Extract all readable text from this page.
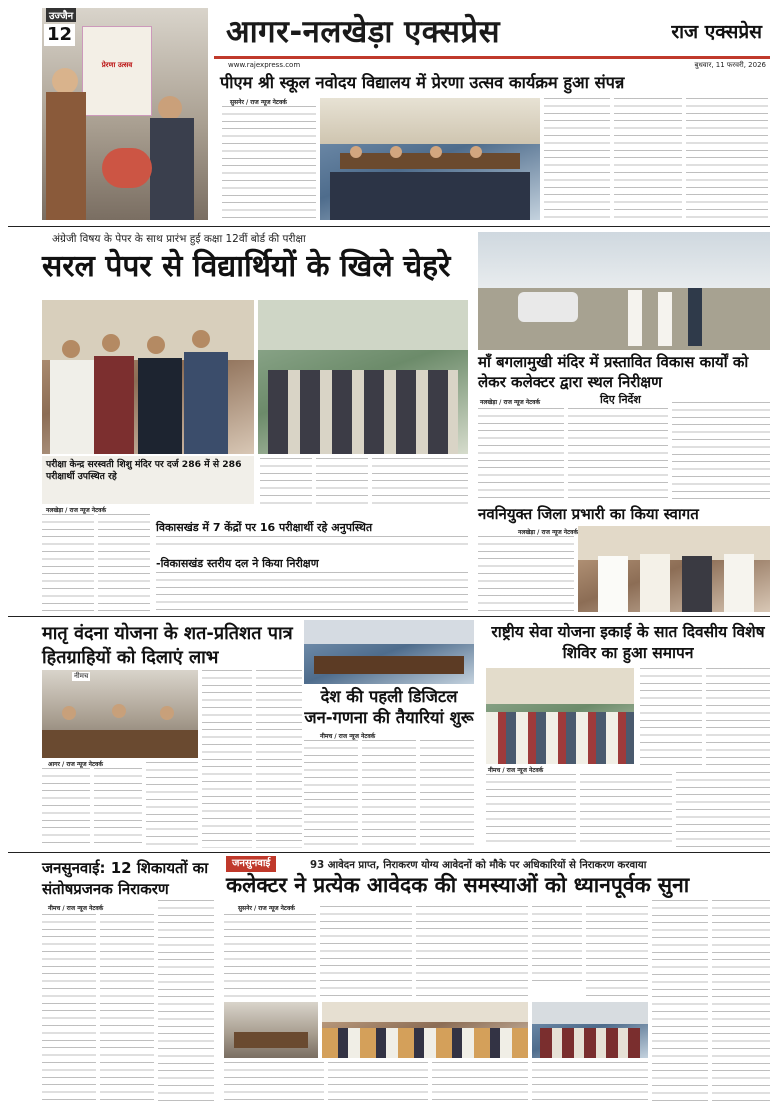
प्रेरणा उत्सव
उज्जैन
12	आगर-नलखेड़ा एक्सप्रेस	राज एक्सप्रेस
www.rajexpress.com	बुधवार, 11 फरवरी, 2026
पीएम श्री स्कूल नवोदय विद्यालय में प्रेरणा उत्सव कार्यक्रम हुआ संपन्न
सुसनेर / राज न्यूज नेटवर्क
अंग्रेजी विषय के पेपर के साथ प्रारंभ हुई कक्षा 12वीं बोर्ड की परीक्षा
सरल पेपर से विद्यार्थियों के खिले चेहरे
परीक्षा केन्द्र सरस्वती शिशु मंदिर पर दर्ज 286 में से 286 परीक्षार्थी उपस्थित रहे
नलखेड़ा / राज न्यूज नेटवर्क
विकासखंड में 7 केंद्रों पर 16 परीक्षार्थी रहे अनुपस्थित
-विकासखंड स्तरीय दल ने किया निरीक्षण
माँ बगलामुखी मंदिर में प्रस्तावित विकास कार्यों को लेकर कलेक्टर द्वारा स्थल निरीक्षण
नलखेड़ा / राज न्यूज नेटवर्क	दिए निर्देश
नवनियुक्त जिला प्रभारी का किया स्वागत
नलखेड़ा / राज न्यूज नेटवर्क
मातृ वंदना योजना के शत-प्रतिशत पात्र हितग्राहियों को दिलाएं लाभ
नीमच
आगर / राज न्यूज नेटवर्क
देश की पहली डिजिटल जन-गणना की तैयारियां शुरू
नीमच / राज न्यूज नेटवर्क
राष्ट्रीय सेवा योजना इकाई के सात दिवसीय विशेष शिविर का हुआ समापन
नीमच / राज न्यूज नेटवर्क
जनसुनवाई: 12 शिकायतों का संतोषप्रजनक निराकरण
नीमच / राज न्यूज नेटवर्क
जनसुनवाई	93 आवेदन प्राप्त, निराकरण योग्य आवेदनों को मौके पर अधिकारियों से निराकरण करवाया
कलेक्टर ने प्रत्येक आवेदक की समस्याओं को ध्यानपूर्वक सुना
सुसनेर / राज न्यूज नेटवर्क
